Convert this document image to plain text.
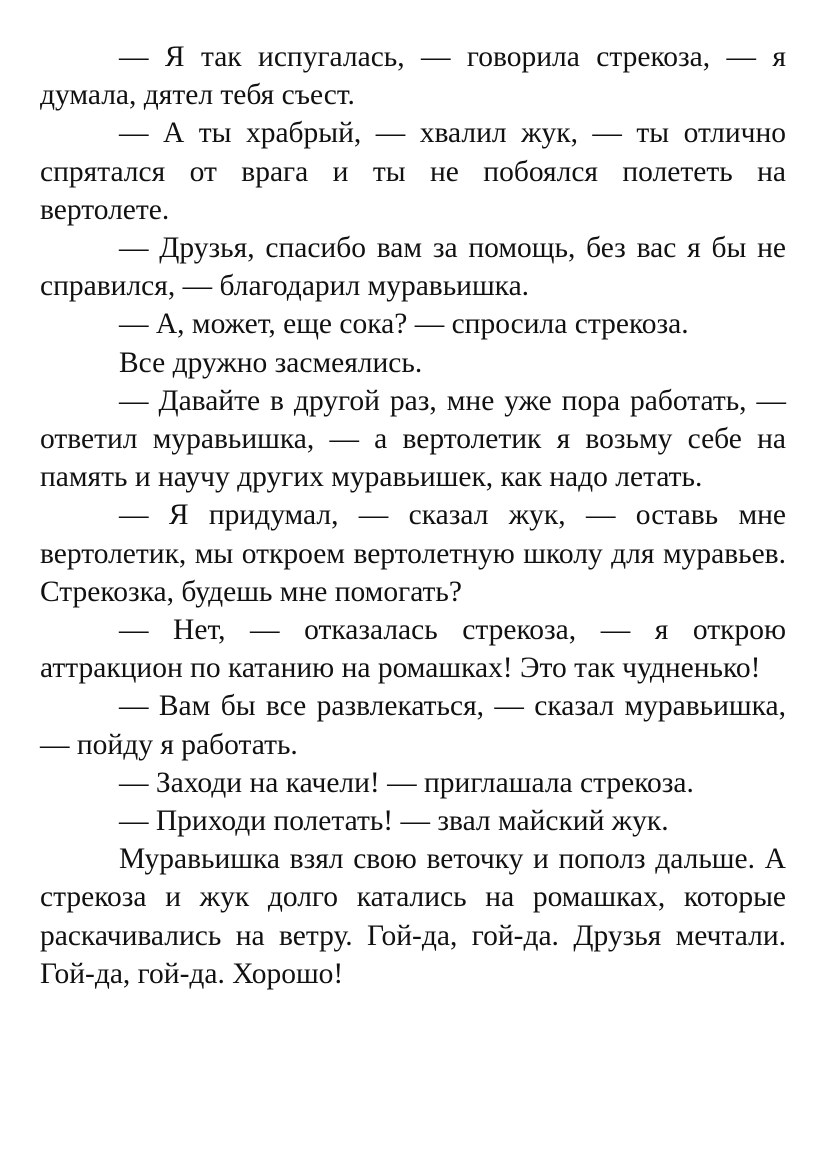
— Я так испугалась, — говорила стрекоза, — я думала, дятел тебя съест.

— А ты храбрый, — хвалил жук, — ты отлично спрятался от врага и ты не побоялся полететь на вертолете.

— Друзья, спасибо вам за помощь, без вас я бы не справился, — благодарил муравьишка.

— А, может, еще сока? — спросила стрекоза.

Все дружно засмеялись.

— Давайте в другой раз, мне уже пора работать, — ответил муравьишка, — а вертолетик я возьму себе на память и научу других муравьишек, как надо летать.

— Я придумал, — сказал жук, — оставь мне вертолетик, мы откроем вертолетную школу для муравьев. Стрекозка, будешь мне помогать?

— Нет, — отказалась стрекоза, — я открою аттракцион по катанию на ромашках! Это так чудненько!

— Вам бы все развлекаться, — сказал муравьишка, — пойду я работать.

— Заходи на качели! — приглашала стрекоза.

— Приходи полетать! — звал майский жук.

Муравьишка взял свою веточку и пополз дальше. А стрекоза и жук долго катались на ромашках, которые раскачивались на ветру. Гой-да, гой-да. Друзья мечтали. Гой-да, гой-да. Хорошо!
